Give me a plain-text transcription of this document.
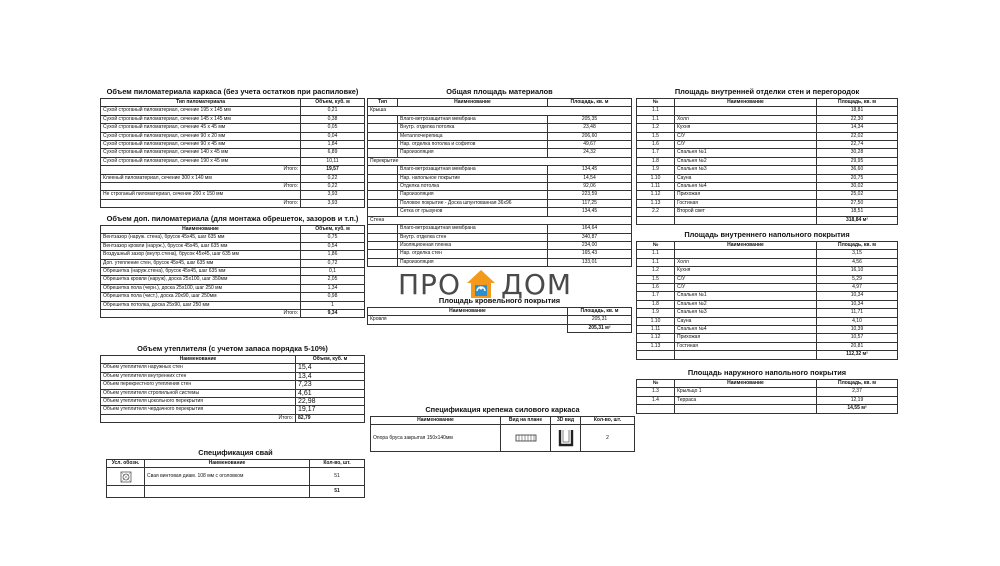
Объем пиломатериала каркаса (без учета остатков при распиловке)
Тип пиломатериала	Объем, куб. м
Сухой строганый пиломатериал, сечение 195 х 145 мм	0,21
Сухой строганый пиломатериал, сечение 145 х 145 мм	0,38
Сухой строганый пиломатериал, сечение 45 х 45 мм	0,05
Сухой строганый пиломатериал, сечение 90 х 20 мм	0,04
Сухой строганый пиломатериал, сечение 90 х 45 мм	1,84
Сухой строганый пиломатериал, сечение 140 х 45 мм	6,89
Сухой строганый пиломатериал, сечение 190 х 45 мм	10,11
Итого:	19,57
Клееный пиломатериал, сечение 300 х 140 мм	0,22
Итого:	0,22
Не строганый пиломатериал, сечение 200 х 150 мм	3,93
Итого:	3,93
Объем доп. пиломатериала (для монтажа обрешеток, зазоров и т.п.)
Наименование	Объем, куб. м
Вентзазор (наруж. стена), брусок 45х45, шаг 635 мм	0,75
Вентзазор кровли (наруж.), брусок 45х45, шаг 635 мм	0,54
Воздушный зазор (внутр.стена), брусок 45х45, шаг 635 мм	1,86
Доп. утепление стен, брусок 45х45, шаг 635 мм	0,72
Обрешетка (наруж.стена), брусок 45х45, шаг 635 мм	0,1
Обрешетка кровли (наруж), доска 25х100, шаг 350мм	2,05
Обрешетка пола (черн.), доска 25х100, шаг 250 мм	1,34
Обрешетка пола (чист.), доска 20х90, шаг 250мм	0,98
Обрешетка потолка, доска 25х90, шаг 250 мм	1
Итого:	9,34
Объем утеплителя (с учетом запаса порядка 5-10%)
Наименование	Объем, куб. м
Объем утеплителя наружных стен	15,4
Объем утеплителя внутренних стен	13,4
Объем перекрестного утепления стен	7,23
Объем утеплителя стропильной системы	4,61
Объем утеплителя цокольного перекрытия	22,98
Объем утеплителя чердачного перекрытия	19,17
Итого:	82,79
Спецификация свай
Усл. обозн.	Наименование	Кол-во, шт.
	Свая винтовая диам. 108 мм с оголовком	51
		51
Общая площадь материалов
Тип	Наименование	Площадь, кв. м
Крыша		
	Влаго-ветрозащитная мембрана	205,35
	Внутр. отделка потолка	23,48
	Металлочерепица	206,60
	Нар. отделка потолка и софитов	49,67
	Пароизоляция	24,32
Перекрытие		
	Влаго-ветрозащитная мембрана	134,45
	Нар. напольное покрытие	14,54
	Отделка потолка	92,06
	Пароизоляция	223,59
	Половое покрытие - Доска шпунтованная 36х96	117,25
	Сетка от грызунов	134,45
Стена		
	Влаго-ветрозащитная мембрана	164,64
	Внутр. отделка стен	340,87
	Изоляционная пленка	234,00
	Нар. отделка стен	165,43
	Пароизоляция	133,01
ПРО ДОМ
Площадь кровельного покрытия
Наименование	Площадь, кв. м
Кровля	205,31
	205,31 м²
Спецификация крепежа силового каркаса
Наименование	Вид на плане	3D вид	Кол-во, шт.
Опора бруса закрытая 150х140мм			2
Площадь внутренней отделки стен и перегородок
№	Наименование	Площадь, кв. м
1.1		18,81
1.1	Холл	22,30
1.2	Кухня	14,34
1.5	С/У	22,02
1.6	С/У	22,74
1.7	Спальня №1	30,28
1.8	Спальня №2	29,95
1.9	Спальня №3	36,60
1.10	Сауна	20,75
1.11	Спальня №4	30,02
1.12	Прихожая	25,02
1.13	Гостиная	27,50
2.2	Второй свет	18,51
		318,84 м²
Площадь внутреннего напольного покрытия
№	Наименование	Площадь, кв. м
1.1		3,15
1.1	Холл	4,56
1.2	Кухня	16,10
1.5	С/У	5,29
1.6	С/У	4,97
1.7	Спальня №1	10,34
1.8	Спальня №2	10,34
1.9	Спальня №3	11,71
1.10	Сауна	4,10
1.11	Спальня №4	10,39
1.12	Прихожая	10,57
1.13	Гостиная	20,81
		112,32 м²
Площадь наружного напольного покрытия
№	Наименование	Площадь, кв. м
1.3	Крыльцо 1	2,37
1.4	Терраса	12,19
		14,55 м²
